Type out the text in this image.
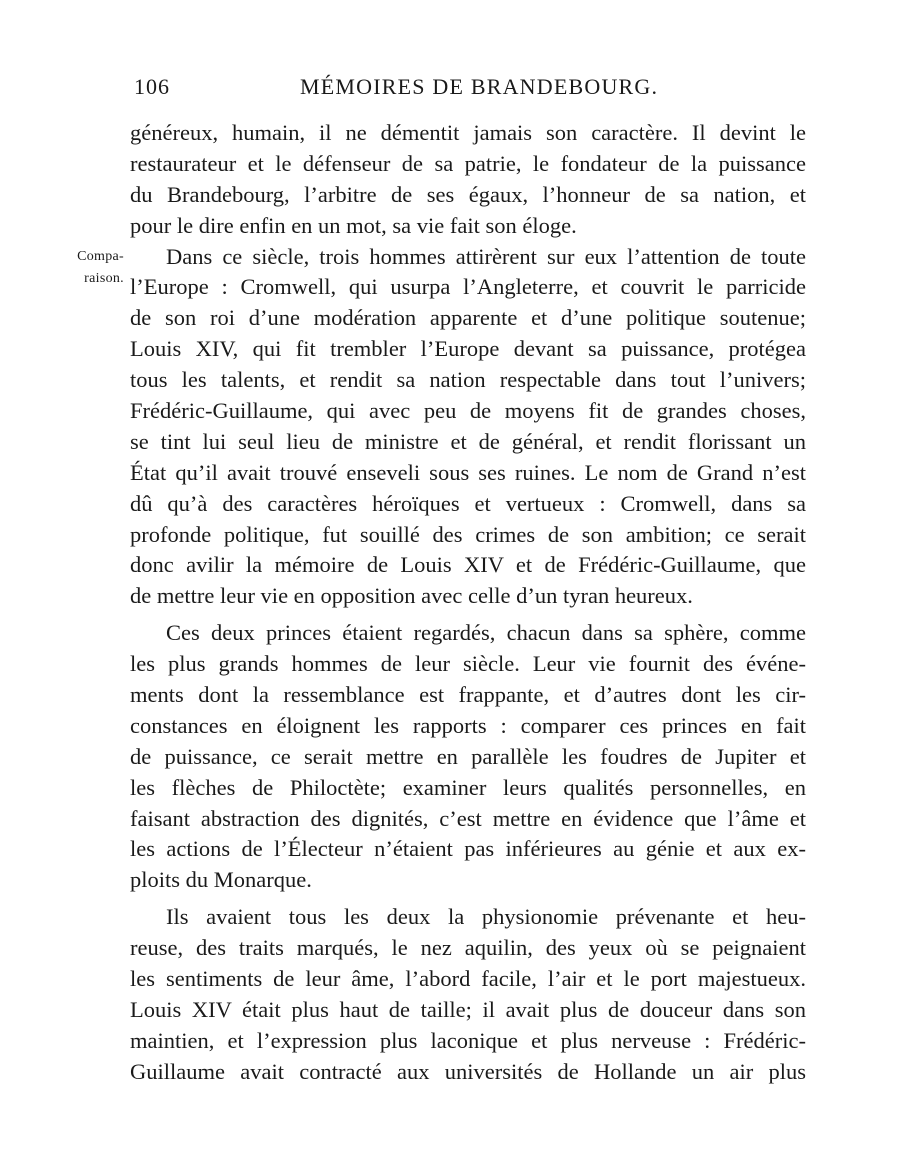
106	MÉMOIRES DE BRANDEBOURG.
Compa-
raison.
généreux, humain, il ne démentit jamais son caractère. Il devint le
restaurateur et le défenseur de sa patrie, le fondateur de la puissance
du Brandebourg, l’arbitre de ses égaux, l’honneur de sa nation, et
pour le dire enfin en un mot, sa vie fait son éloge.
Dans ce siècle, trois hommes attirèrent sur eux l’attention de toute
l’Europe : Cromwell, qui usurpa l’Angleterre, et couvrit le parricide
de son roi d’une modération apparente et d’une politique soutenue;
Louis XIV, qui fit trembler l’Europe devant sa puissance, protégea
tous les talents, et rendit sa nation respectable dans tout l’univers;
Frédéric-Guillaume, qui avec peu de moyens fit de grandes choses,
se tint lui seul lieu de ministre et de général, et rendit florissant un
État qu’il avait trouvé enseveli sous ses ruines. Le nom de Grand n’est
dû qu’à des caractères héroïques et vertueux : Cromwell, dans sa
profonde politique, fut souillé des crimes de son ambition; ce serait
donc avilir la mémoire de Louis XIV et de Frédéric-Guillaume, que
de mettre leur vie en opposition avec celle d’un tyran heureux.
Ces deux princes étaient regardés, chacun dans sa sphère, comme
les plus grands hommes de leur siècle. Leur vie fournit des événe-
ments dont la ressemblance est frappante, et d’autres dont les cir-
constances en éloignent les rapports : comparer ces princes en fait
de puissance, ce serait mettre en parallèle les foudres de Jupiter et
les flèches de Philoctète; examiner leurs qualités personnelles, en
faisant abstraction des dignités, c’est mettre en évidence que l’âme et
les actions de l’Électeur n’étaient pas inférieures au génie et aux ex-
ploits du Monarque.
Ils avaient tous les deux la physionomie prévenante et heu-
reuse, des traits marqués, le nez aquilin, des yeux où se peignaient
les sentiments de leur âme, l’abord facile, l’air et le port majestueux.
Louis XIV était plus haut de taille; il avait plus de douceur dans son
maintien, et l’expression plus laconique et plus nerveuse : Frédéric-
Guillaume avait contracté aux universités de Hollande un air plus
